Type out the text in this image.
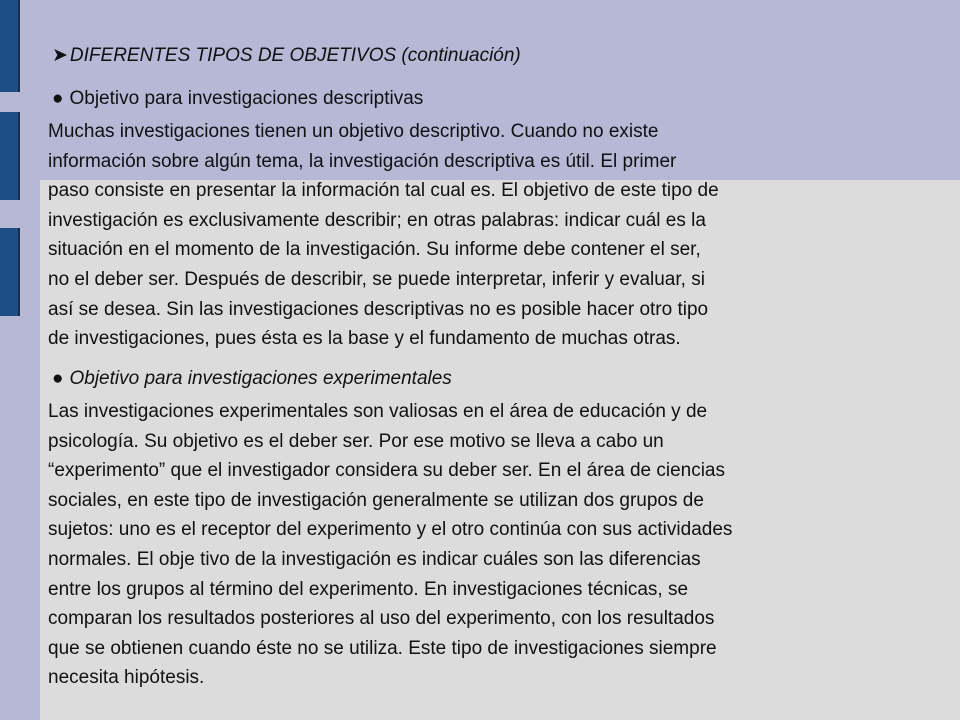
➤ DIFERENTES TIPOS DE OBJETIVOS (continuación)
● Objetivo para investigaciones descriptivas
Muchas investigaciones tienen un objetivo descriptivo. Cuando no existe
información sobre algún tema, la investigación descriptiva es útil. El primer
paso consiste en presentar la información tal cual es. El objetivo de este tipo de
investigación es exclusivamente describir; en otras palabras: indicar cuál es la
situación en el momento de la investigación. Su informe debe contener el ser,
no el deber ser. Después de describir, se puede interpretar, inferir y evaluar, si
así se desea. Sin las investigaciones descriptivas no es posible hacer otro tipo
de investigaciones, pues ésta es la base y el fundamento de muchas otras.
● Objetivo para investigaciones experimentales
Las investigaciones experimentales son valiosas en el área de educación y de
psicología. Su objetivo es el deber ser. Por ese motivo se lleva a cabo un
“experimento” que el investigador considera su deber ser. En el área de ciencias
sociales, en este tipo de investigación generalmente se utilizan dos grupos de
sujetos: uno es el receptor del experimento y el otro continúa con sus actividades
normales. El obje tivo de la investigación es indicar cuáles son las diferencias
entre los grupos al término del experimento. En investigaciones técnicas, se
comparan los resultados posteriores al uso del experimento, con los resultados
que se obtienen cuando éste no se utiliza. Este tipo de investigaciones siempre
necesita hipótesis.
